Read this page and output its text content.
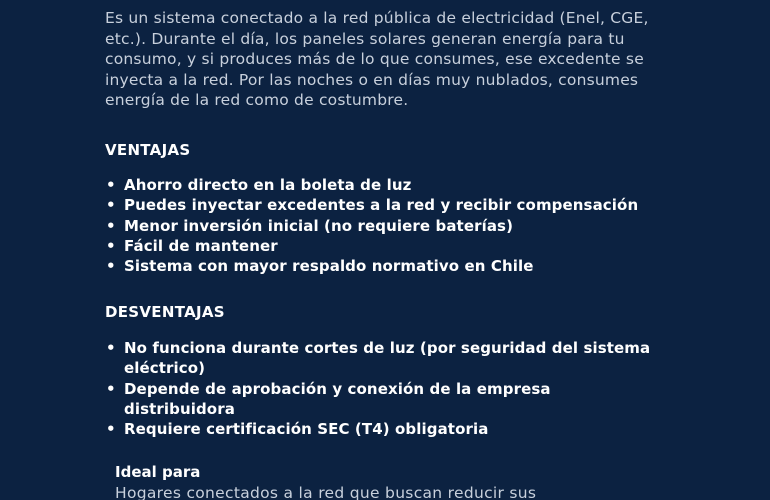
Es un sistema conectado a la red pública de electricidad (Enel, CGE, etc.). Durante el día, los paneles solares generan energía para tu consumo, y si produces más de lo que consumes, ese excedente se inyecta a la red. Por las noches o en días muy nublados, consumes energía de la red como de costumbre.

VENTAJAS
• Ahorro directo en la boleta de luz
• Puedes inyectar excedentes a la red y recibir compensación
• Menor inversión inicial (no requiere baterías)
• Fácil de mantener
• Sistema con mayor respaldo normativo en Chile
DESVENTAJAS
• No funciona durante cortes de luz (por seguridad del sistema eléctrico)
• Depende de aprobación y conexión de la empresa distribuidora
• Requiere certificación SEC (T4) obligatoria

Ideal para

Hogares conectados a la red que buscan reducir sus
